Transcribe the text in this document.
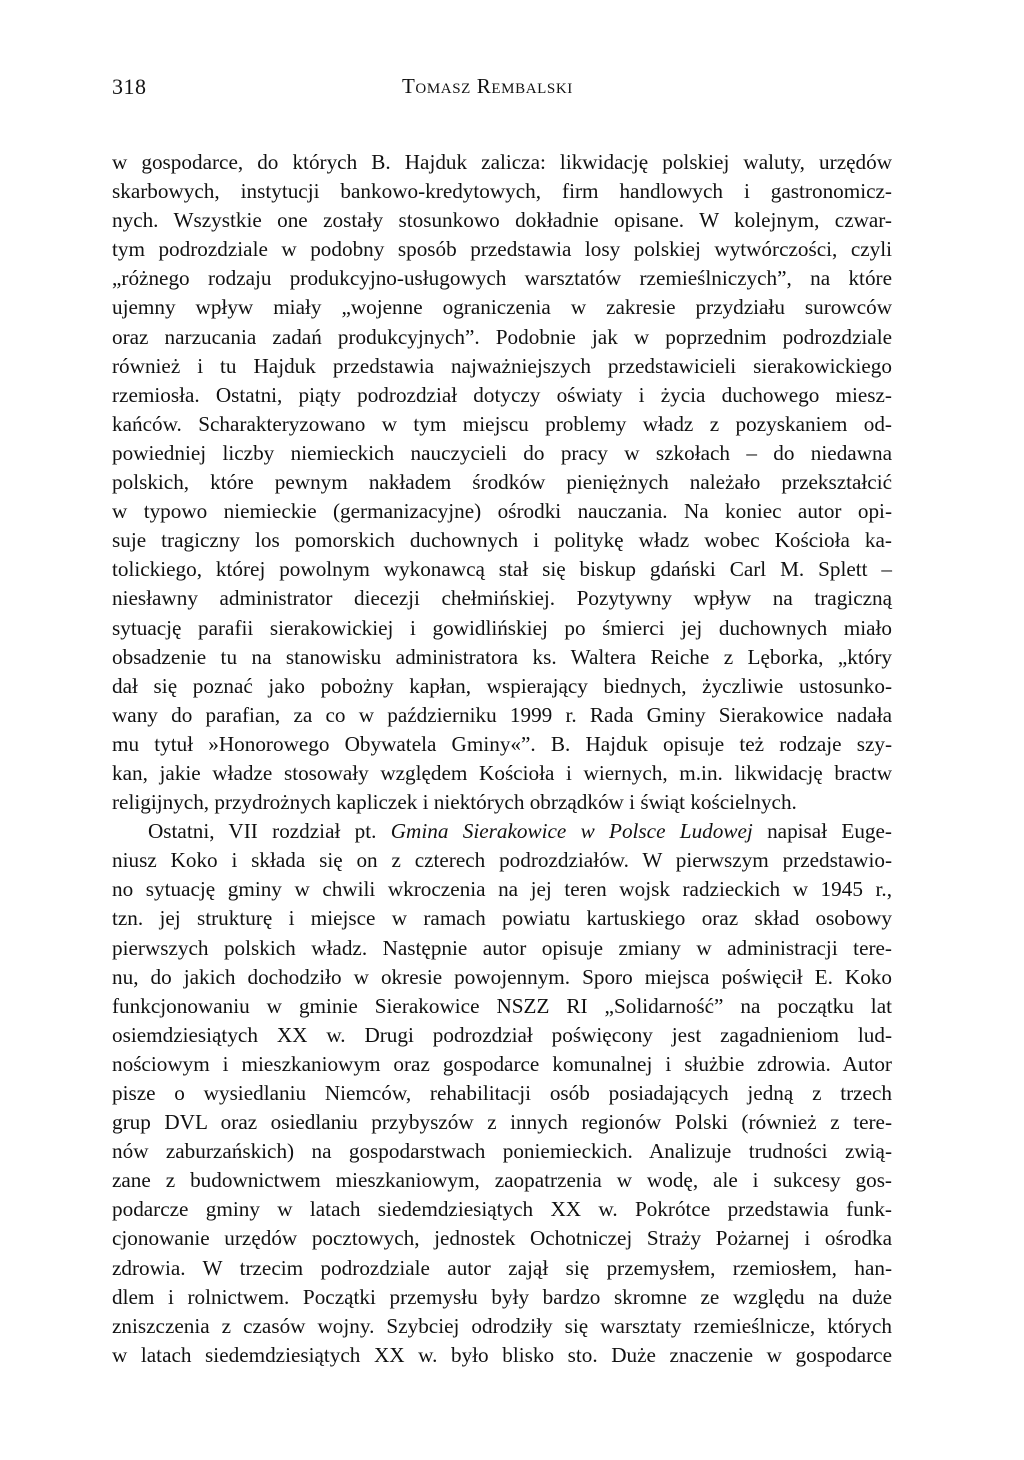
318	Tomasz Rembalski
w gospodarce, do których B. Hajduk zalicza: likwidację polskiej waluty, urzędów
skarbowych, instytucji bankowo-kredytowych, firm handlowych i gastronomicz-
nych. Wszystkie one zostały stosunkowo dokładnie opisane. W kolejnym, czwar-
tym podrozdziale w podobny sposób przedstawia losy polskiej wytwórczości, czyli
„różnego rodzaju produkcyjno-usługowych warsztatów rzemieślniczych”, na które
ujemny wpływ miały „wojenne ograniczenia w zakresie przydziału surowców
oraz narzucania zadań produkcyjnych”. Podobnie jak w poprzednim podrozdziale
również i tu Hajduk przedstawia najważniejszych przedstawicieli sierakowickiego
rzemiosła. Ostatni, piąty podrozdział dotyczy oświaty i życia duchowego miesz-
kańców. Scharakteryzowano w tym miejscu problemy władz z pozyskaniem od-
powiedniej liczby niemieckich nauczycieli do pracy w szkołach – do niedawna
polskich, które pewnym nakładem środków pieniężnych należało przekształcić
w typowo niemieckie (germanizacyjne) ośrodki nauczania. Na koniec autor opi-
suje tragiczny los pomorskich duchownych i politykę władz wobec Kościoła ka-
tolickiego, której powolnym wykonawcą stał się biskup gdański Carl M. Splett –
niesławny administrator diecezji chełmińskiej. Pozytywny wpływ na tragiczną
sytuację parafii sierakowickiej i gowidlińskiej po śmierci jej duchownych miało
obsadzenie tu na stanowisku administratora ks. Waltera Reiche z Lęborka, „który
dał się poznać jako pobożny kapłan, wspierający biednych, życzliwie ustosunko-
wany do parafian, za co w październiku 1999 r. Rada Gminy Sierakowice nadała
mu tytuł »Honorowego Obywatela Gminy«”. B. Hajduk opisuje też rodzaje szy-
kan, jakie władze stosowały względem Kościoła i wiernych, m.in. likwidację bractw
religijnych, przydrożnych kapliczek i niektórych obrządków i świąt kościelnych.
Ostatni, VII rozdział pt. Gmina Sierakowice w Polsce Ludowej napisał Euge-
niusz Koko i składa się on z czterech podrozdziałów. W pierwszym przedstawio-
no sytuację gminy w chwili wkroczenia na jej teren wojsk radzieckich w 1945 r.,
tzn. jej strukturę i miejsce w ramach powiatu kartuskiego oraz skład osobowy
pierwszych polskich władz. Następnie autor opisuje zmiany w administracji tere-
nu, do jakich dochodziło w okresie powojennym. Sporo miejsca poświęcił E. Koko
funkcjonowaniu w gminie Sierakowice NSZZ RI „Solidarność” na początku lat
osiemdziesiątych XX w. Drugi podrozdział poświęcony jest zagadnieniom lud-
nościowym i mieszkaniowym oraz gospodarce komunalnej i służbie zdrowia. Autor
pisze o wysiedlaniu Niemców, rehabilitacji osób posiadających jedną z trzech
grup DVL oraz osiedlaniu przybyszów z innych regionów Polski (również z tere-
nów zaburzańskich) na gospodarstwach poniemieckich. Analizuje trudności zwią-
zane z budownictwem mieszkaniowym, zaopatrzenia w wodę, ale i sukcesy gos-
podarcze gminy w latach siedemdziesiątych XX w. Pokrótce przedstawia funk-
cjonowanie urzędów pocztowych, jednostek Ochotniczej Straży Pożarnej i ośrodka
zdrowia. W trzecim podrozdziale autor zajął się przemysłem, rzemiosłem, han-
dlem i rolnictwem. Początki przemysłu były bardzo skromne ze względu na duże
zniszczenia z czasów wojny. Szybciej odrodziły się warsztaty rzemieślnicze, których
w latach siedemdziesiątych XX w. było blisko sto. Duże znaczenie w gospodarce
